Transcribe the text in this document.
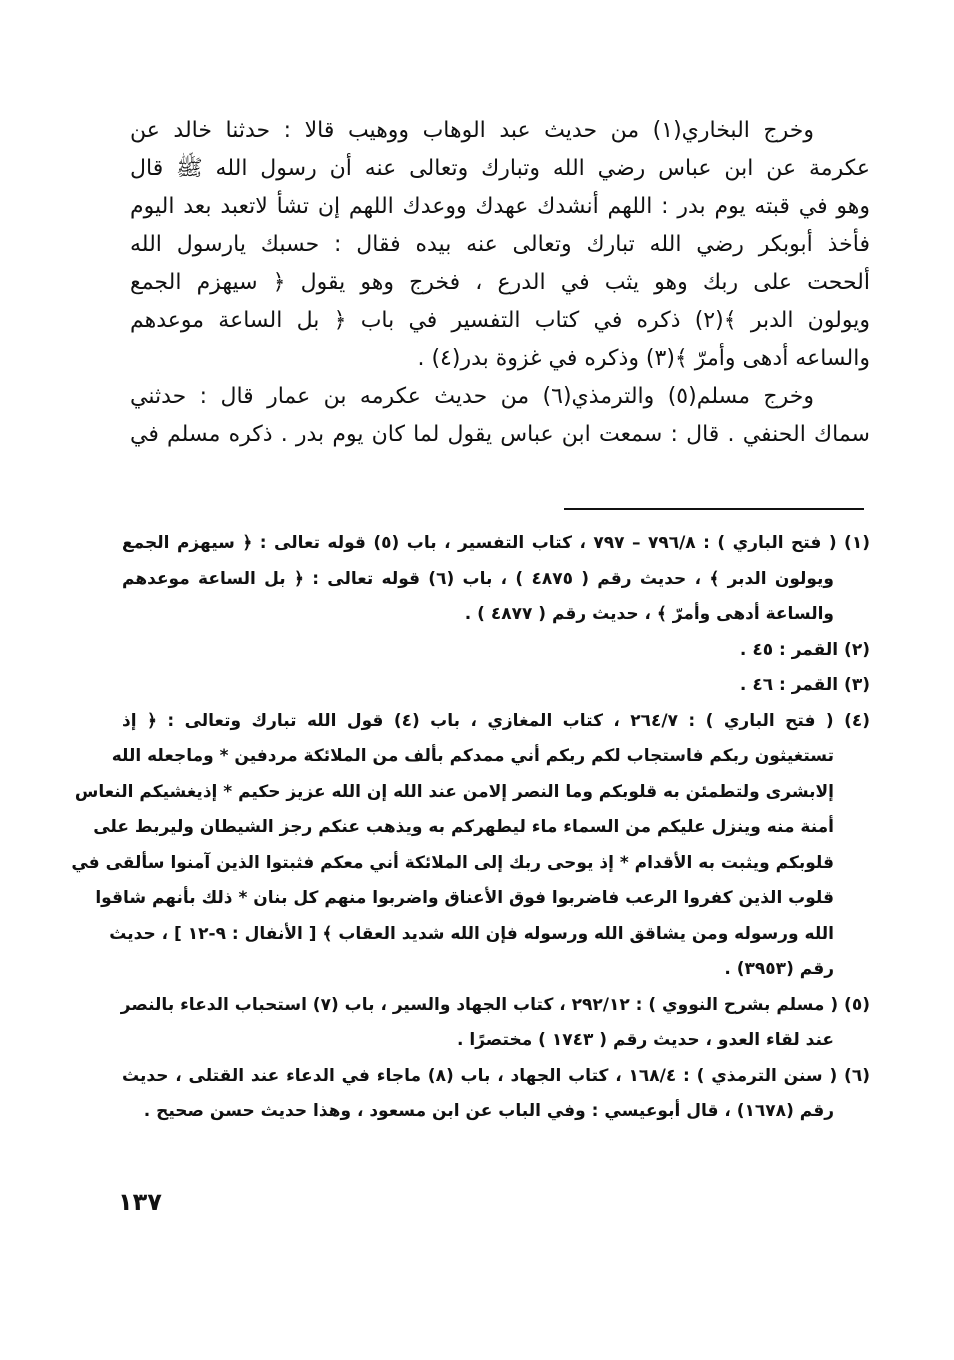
وخرج البخاري(١) من حديث عبد الوهاب ووهيب قالا : حدثنا خالد عن
عكرمة عن ابن عباس رضي الله وتبارك وتعالى عنه أن رسول الله ﷺ قال
وهو في قبته يوم بدر : اللهم أنشدك عهدك ووعدك اللهم إن تشأ لاتعبد بعد اليوم
فأخذ أبوبكر رضي الله تبارك وتعالى عنه بيده فقال : حسبك يارسول الله
ألححت على ربك وهو يثب في الدرع ، فخرج وهو يقول ﴿ سيهزم الجمع
ويولون الدبر ﴾(٢) ذكره في كتاب التفسير في باب ﴿ بل الساعة موعدهم
والساعه أدهى وأمرّ ﴾(٣) وذكره في غزوة بدر(٤) .
وخرج مسلم(٥) والترمذي(٦) من حديث عكرمه بن عمار قال : حدثني
سماك الحنفي . قال : سمعت ابن عباس يقول لما كان يوم بدر . ذكره مسلم في
(١) ( فتح الباري ) : ٧٩٦/٨ – ٧٩٧ ، كتاب التفسير ، باب (٥) قوله تعالى : ﴿ سيهزم الجمع
ويولون الدبر ﴾ ، حديث رقم ( ٤٨٧٥ ) ، باب (٦) قوله تعالى : ﴿ بل الساعة موعدهم
والساعة أدهى وأمرّ ﴾ ، حديث رقم ( ٤٨٧٧ ) .
(٢) القمر : ٤٥ .
(٣) القمر : ٤٦ .
(٤) ( فتح الباري ) : ٢٦٤/٧ ، كتاب المغازي ، باب (٤) قول الله تبارك وتعالى : ﴿ إذ
تستغيثون ربكم فاستجاب لكم ربكم أني ممدكم بألف من الملائكة مردفين * وماجعله الله
إلابشرى ولتطمئن به قلوبكم وما النصر إلامن عند الله إن الله عزيز حكيم * إذيغشيكم النعاس
أمنة منه وينزل عليكم من السماء ماء ليطهركم به ويذهب عنكم رجز الشيطان وليربط على
قلوبكم ويثبت به الأقدام * إذ يوحى ربك إلى الملائكة أني معكم فثبتوا الذين آمنوا سألقى في
قلوب الذين كفروا الرعب فاضربوا فوق الأعناق واضربوا منهم كل بنان * ذلك بأنهم شاقوا
الله ورسوله ومن يشاقق الله ورسوله فإن الله شديد العقاب ﴾ [ الأنفال : ٩-١٢ ] ، حديث
رقم (٣٩٥٣) .
(٥) ( مسلم بشرح النووي ) : ٢٩٢/١٢ ، كتاب الجهاد والسير ، باب (٧) استحباب الدعاء بالنصر
عند لقاء العدو ، حديث رقم ( ١٧٤٣ ) مختصرًا .
(٦) ( سنن الترمذي ) : ١٦٨/٤ ، كتاب الجهاد ، باب (٨) ماجاء في الدعاء عند القتلى ، حديث
رقم (١٦٧٨) ، قال أبوعيسي : وفي الباب عن ابن مسعود ، وهذا حديث حسن صحيح .
١٣٧
